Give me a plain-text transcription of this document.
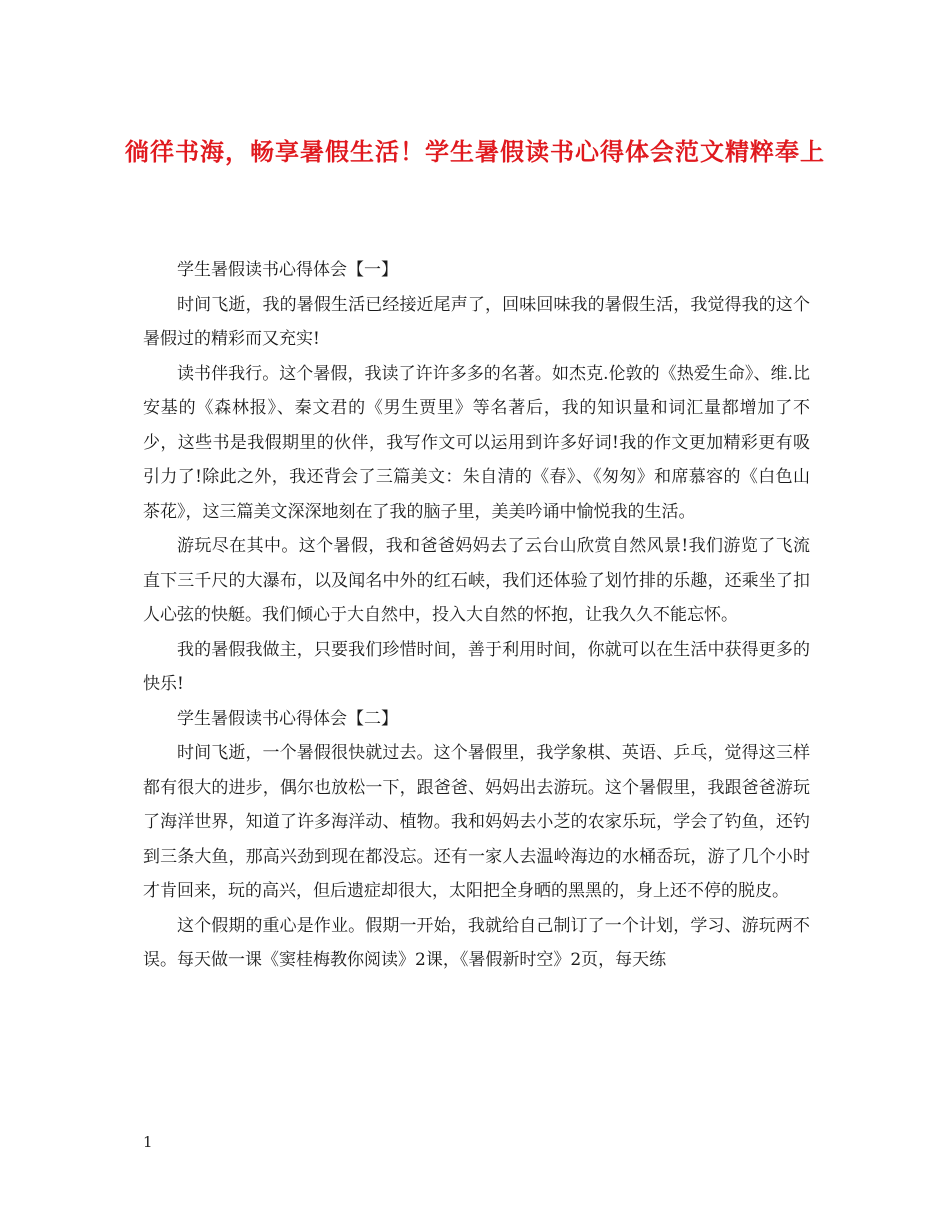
徜徉书海，畅享暑假生活！学生暑假读书心得体会范文精粹奉上

学生暑假读书心得体会【一】

时间飞逝，我的暑假生活已经接近尾声了，回味回味我的暑假生活，我觉得我的这个暑假过的精彩而又充实!

读书伴我行。这个暑假，我读了许许多多的名著。如杰克.伦敦的《热爱生命》、维.比安基的《森林报》、秦文君的《男生贾里》等名著后，我的知识量和词汇量都增加了不少，这些书是我假期里的伙伴，我写作文可以运用到许多好词!我的作文更加精彩更有吸引力了!除此之外，我还背会了三篇美文：朱自清的《春》、《匆匆》和席慕容的《白色山茶花》，这三篇美文深深地刻在了我的脑子里，美美吟诵中愉悦我的生活。

游玩尽在其中。这个暑假，我和爸爸妈妈去了云台山欣赏自然风景!我们游览了飞流直下三千尺的大瀑布，以及闻名中外的红石峡，我们还体验了划竹排的乐趣，还乘坐了扣人心弦的快艇。我们倾心于大自然中，投入大自然的怀抱，让我久久不能忘怀。

我的暑假我做主，只要我们珍惜时间，善于利用时间，你就可以在生活中获得更多的快乐!

学生暑假读书心得体会【二】

时间飞逝，一个暑假很快就过去。这个暑假里，我学象棋、英语、乒乓，觉得这三样都有很大的进步，偶尔也放松一下，跟爸爸、妈妈出去游玩。这个暑假里，我跟爸爸游玩了海洋世界，知道了许多海洋动、植物。我和妈妈去小芝的农家乐玩，学会了钓鱼，还钓到三条大鱼，那高兴劲到现在都没忘。还有一家人去温岭海边的水桶岙玩，游了几个小时才肯回来，玩的高兴，但后遗症却很大，太阳把全身晒的黑黑的，身上还不停的脱皮。

这个假期的重心是作业。假期一开始，我就给自己制订了一个计划，学习、游玩两不误。每天做一课《窦桂梅教你阅读》2课，《暑假新时空》2页，每天练

1
